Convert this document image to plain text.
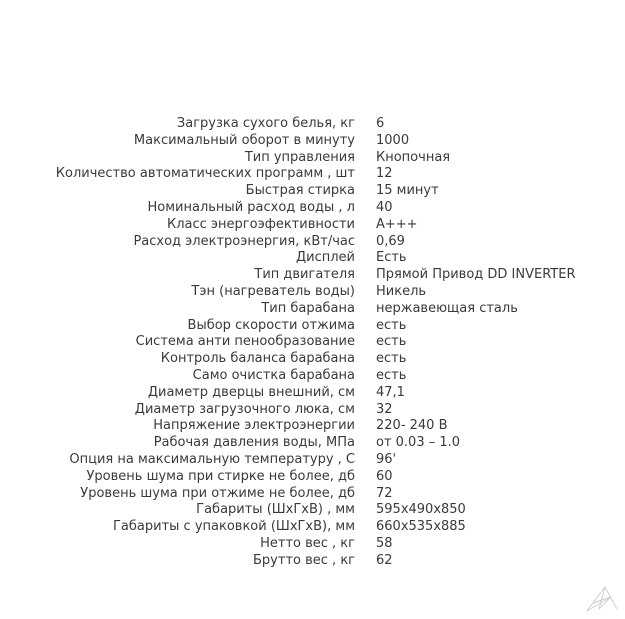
Загрузка сухого белья, кг	6
Максимальный оборот в минуту	1000
Тип управления	Кнопочная
Количество автоматических программ , шт	12
Быстрая стирка	15 минут
Номинальный расход воды , л	40
Класс энергоэфективности	A+++
Расход электроэнергия, кВт/час	0,69
Дисплей	Есть
Тип двигателя	Прямой Привод DD INVERTER
Тэн (нагреватель воды)	Никель
Тип барабана	нержавеющая сталь
Выбор скорости отжима	есть
Система анти пенообразование	есть
Контроль баланса барабана	есть
Само очистка барабана	есть
Диаметр дверцы внешний, см	47,1
Диаметр загрузочного люка, см	32
Напряжение электроэнергии	220- 240 В
Рабочая давления воды, МПа	от 0.03 – 1.0
Опция на максимальную температуру , С	96'
Уровень шума при стирке не более, дб	60
Уровень шума при отжиме не более, дб	72
Габариты (ШхГхВ) , мм	595x490x850
Габариты с упаковкой (ШхГхВ), мм	660x535x885
Нетто вес , кг	58
Брутто вес , кг	62
